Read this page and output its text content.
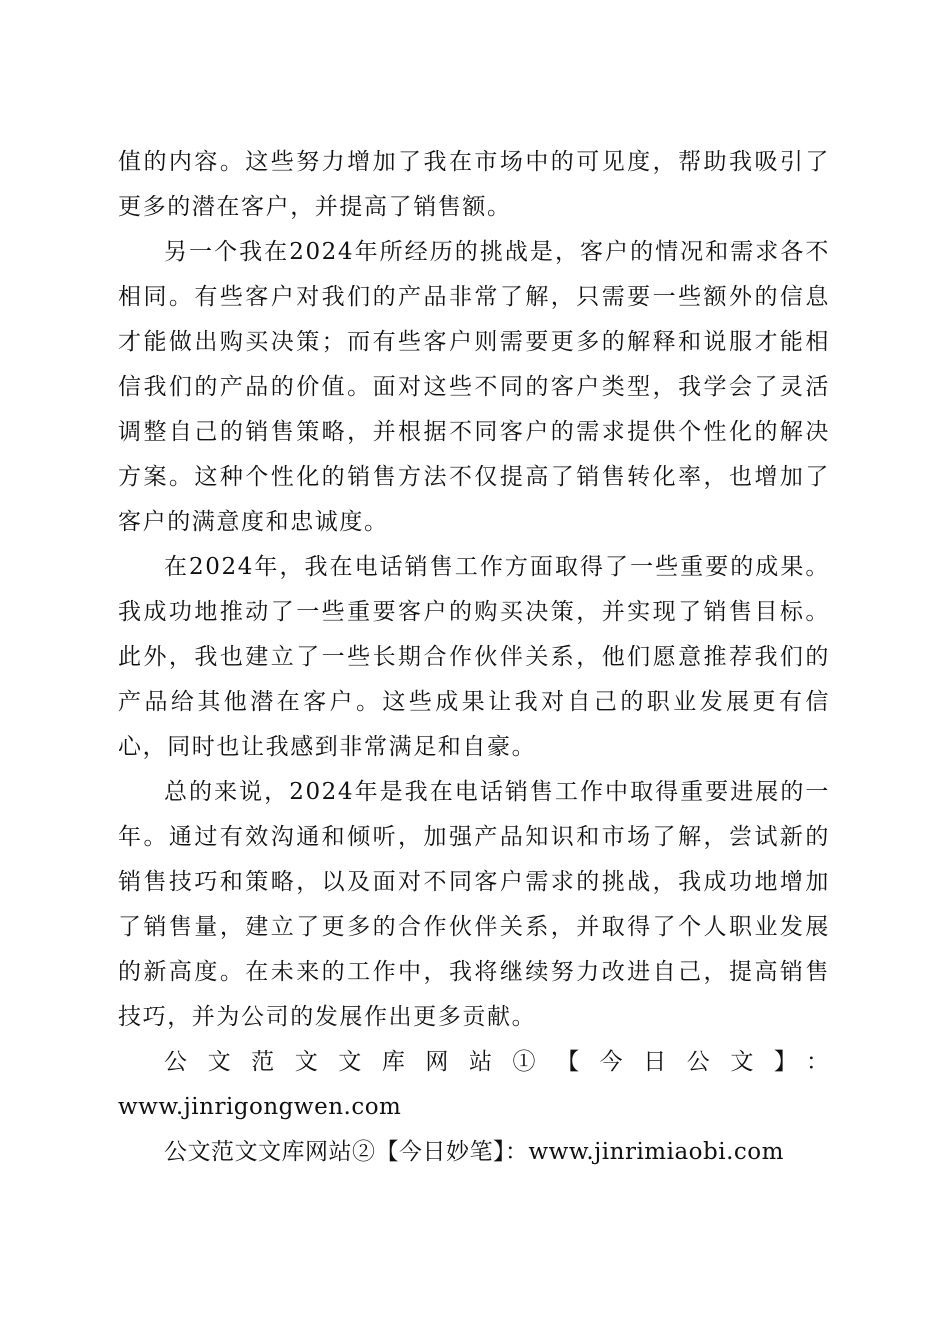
值的内容。这些努力增加了我在市场中的可见度，帮助我吸引了更多的潜在客户，并提高了销售额。

另一个我在2024年所经历的挑战是，客户的情况和需求各不相同。有些客户对我们的产品非常了解，只需要一些额外的信息才能做出购买决策；而有些客户则需要更多的解释和说服才能相信我们的产品的价值。面对这些不同的客户类型，我学会了灵活调整自己的销售策略，并根据不同客户的需求提供个性化的解决方案。这种个性化的销售方法不仅提高了销售转化率，也增加了客户的满意度和忠诚度。

在2024年，我在电话销售工作方面取得了一些重要的成果。我成功地推动了一些重要客户的购买决策，并实现了销售目标。此外，我也建立了一些长期合作伙伴关系，他们愿意推荐我们的产品给其他潜在客户。这些成果让我对自己的职业发展更有信心，同时也让我感到非常满足和自豪。

总的来说，2024年是我在电话销售工作中取得重要进展的一年。通过有效沟通和倾听，加强产品知识和市场了解，尝试新的销售技巧和策略，以及面对不同客户需求的挑战，我成功地增加了销售量，建立了更多的合作伙伴关系，并取得了个人职业发展的新高度。在未来的工作中，我将继续努力改进自己，提高销售技巧，并为公司的发展作出更多贡献。

公文范文文库网站①【今日公文】：

www.jinrigongwen.com

公文范文文库网站②【今日妙笔】：www.jinrimiaobi.com
